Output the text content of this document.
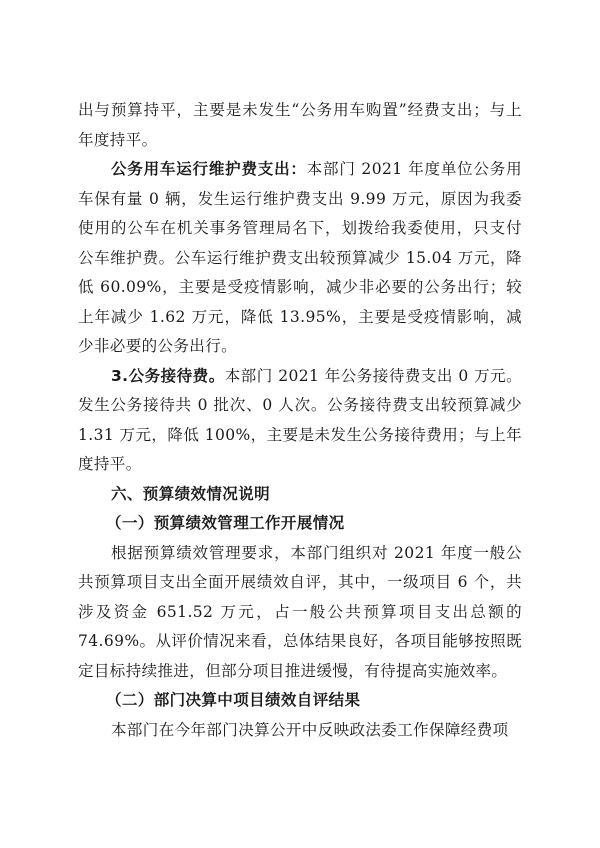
出与预算持平，主要是未发生“公务用车购置”经费支出；与上年度持平。

公务用车运行维护费支出：本部门 2021 年度单位公务用车保有量 0 辆，发生运行维护费支出 9.99 万元，原因为我委使用的公车在机关事务管理局名下，划拨给我委使用，只支付公车维护费。公车运行维护费支出较预算减少 15.04 万元，降低 60.09%，主要是受疫情影响，减少非必要的公务出行；较上年减少 1.62 万元，降低 13.95%，主要是受疫情影响，减少非必要的公务出行。

3.公务接待费。本部门 2021 年公务接待费支出 0 万元。发生公务接待共 0 批次、0 人次。公务接待费支出较预算减少 1.31 万元，降低 100%，主要是未发生公务接待费用；与上年度持平。

六、预算绩效情况说明

（一）预算绩效管理工作开展情况

根据预算绩效管理要求，本部门组织对 2021 年度一般公共预算项目支出全面开展绩效自评，其中，一级项目 6 个，共涉及资金 651.52 万元，占一般公共预算项目支出总额的 74.69%。从评价情况来看，总体结果良好，各项目能够按照既定目标持续推进，但部分项目推进缓慢，有待提高实施效率。

（二）部门决算中项目绩效自评结果

本部门在今年部门决算公开中反映政法委工作保障经费项
